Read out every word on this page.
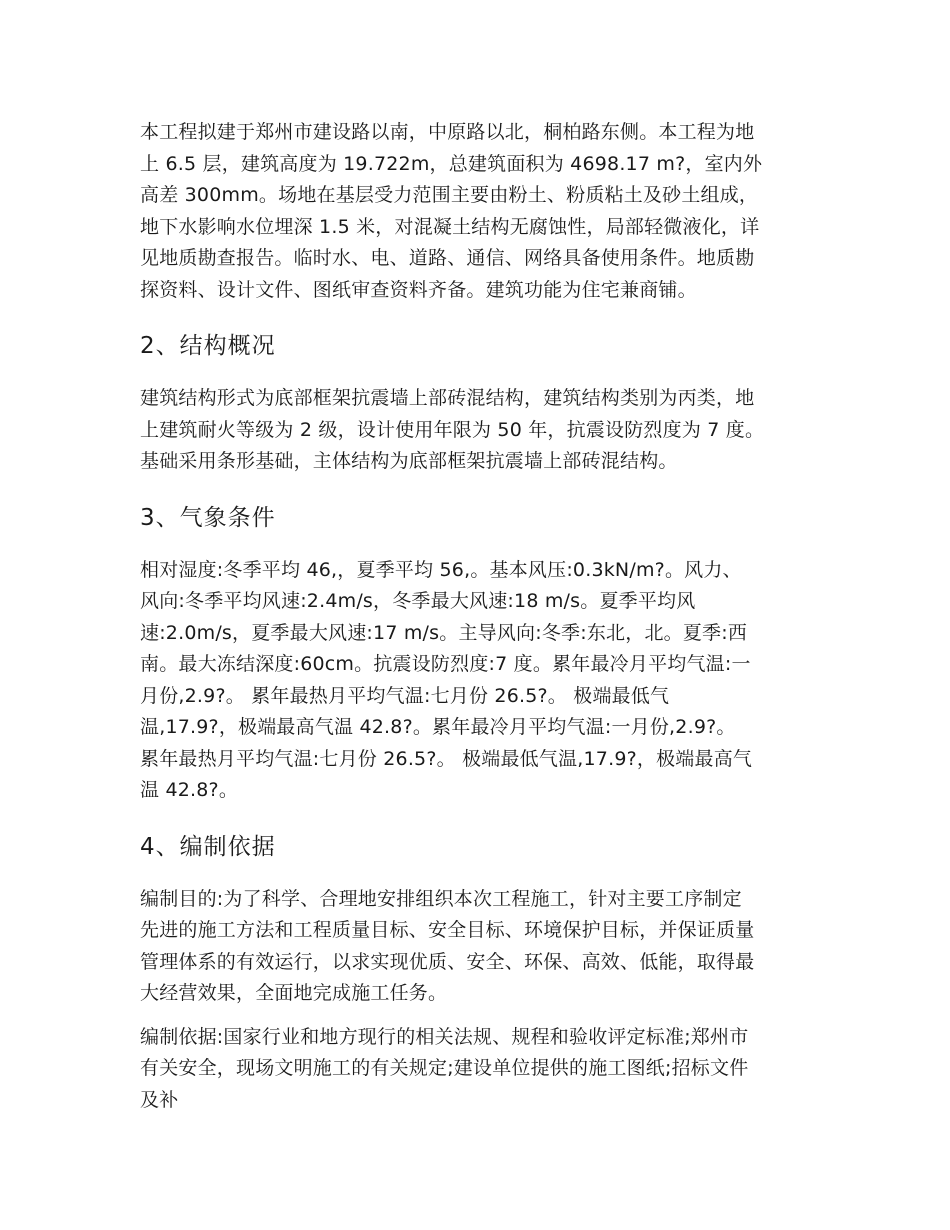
本工程拟建于郑州市建设路以南，中原路以北，桐柏路东侧。本工程为地
上 6.5 层，建筑高度为 19.722m，总建筑面积为 4698.17 m?，室内外
高差 300mm。场地在基层受力范围主要由粉土、粉质粘土及砂土组成，
地下水影响水位埋深 1.5 米，对混凝土结构无腐蚀性，局部轻微液化，详
见地质勘查报告。临时水、电、道路、通信、网络具备使用条件。地质勘
探资料、设计文件、图纸审查资料齐备。建筑功能为住宅兼商铺。

2、结构概况

建筑结构形式为底部框架抗震墙上部砖混结构，建筑结构类别为丙类，地
上建筑耐火等级为 2 级，设计使用年限为 50 年，抗震设防烈度为 7 度。
基础采用条形基础，主体结构为底部框架抗震墙上部砖混结构。

3、气象条件

相对湿度:冬季平均 46,，夏季平均 56,。基本风压:0.3kN/m?。风力、
风向:冬季平均风速:2.4m/s，冬季最大风速:18 m/s。夏季平均风
速:2.0m/s，夏季最大风速:17 m/s。主导风向:冬季:东北，北。夏季:西
南。最大冻结深度:60cm。抗震设防烈度:7 度。累年最冷月平均气温:一
月份,2.9?。 累年最热月平均气温:七月份 26.5?。 极端最低气
温,17.9?，极端最高气温 42.8?。累年最冷月平均气温:一月份,2.9?。
累年最热月平均气温:七月份 26.5?。 极端最低气温,17.9?，极端最高气
温 42.8?。

4、编制依据

编制目的:为了科学、合理地安排组织本次工程施工，针对主要工序制定
先进的施工方法和工程质量目标、安全目标、环境保护目标，并保证质量
管理体系的有效运行，以求实现优质、安全、环保、高效、低能，取得最
大经营效果，全面地完成施工任务。

编制依据:国家行业和地方现行的相关法规、规程和验收评定标准;郑州市
有关安全，现场文明施工的有关规定;建设单位提供的施工图纸;招标文件
及补
